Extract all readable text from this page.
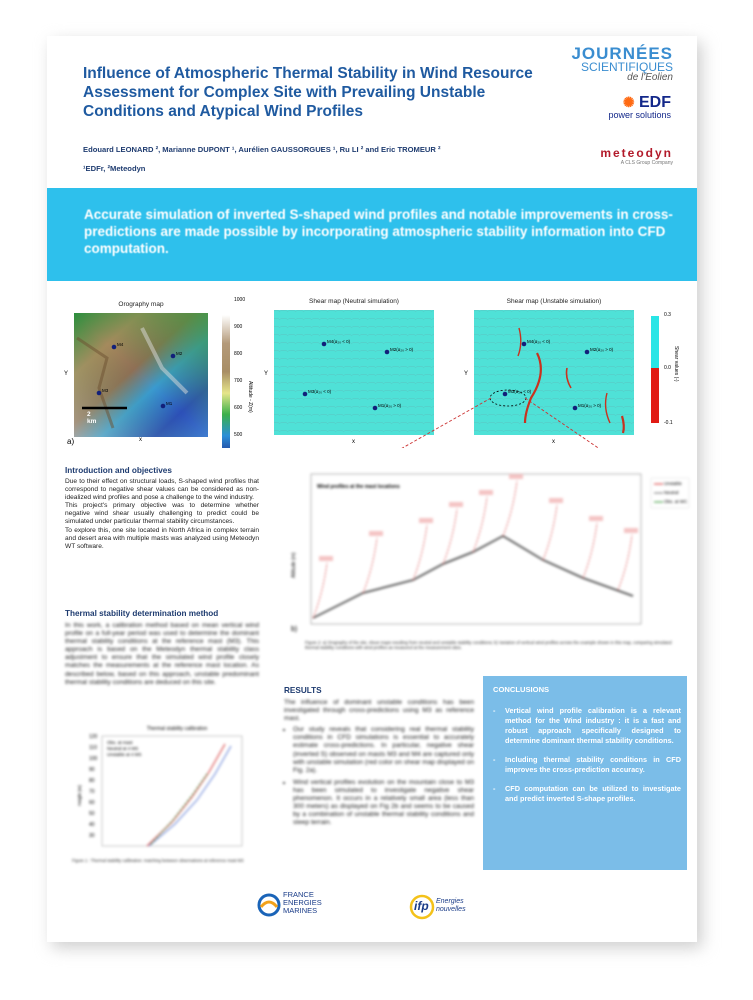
Influence of Atmospheric Thermal Stability in Wind Resource Assessment for Complex Site with Prevailing Unstable Conditions and Atypical Wind Profiles
Edouard LEONARD ², Marianne DUPONT ¹, Aurélien GAUSSORGUES ¹, Ru LI ² and Eric TROMEUR ²
¹EDFr, ²Meteodyn
JOURNÉES
SCIENTIFIQUES
de l'Eolien
✺ EDF
power solutions
meteodyn
A CLS Group Company
Accurate simulation of inverted S-shaped wind profiles and notable improvements in cross-predictions are made possible by incorporating atmospheric stability information into CFD computation.
Orography map
M4
M2
M3
M1
M4(α₂₀ < 0)
M2(α₂₀ > 0)
M3(α₂₀ < 0)
M1(α₂₀ > 0)
M4(α₂₀ < 0)
M2(α₂₀ > 0)
M3(α₂₀ < 0)
M1(α₂₀ > 0)
2 km
Y
x
a)
1000
900
800
700
600
500
Altitude - Z(m)
Shear map (Neutral simulation)
Y
x
Shear map (Unstable simulation)
Y
x
0.3
0.0
-0.1
Shear values (-)
Unstable
Neutral
Obs. at WC
Wind profiles at the mast locations
Altitude (m)
b)
Figure 2: a) Orography of the site, shear maps resulting from neutral and unstable stability conditions; b) Variation of vertical wind profiles across the example shown in this map, comparing simulated thermal stability conditions with wind profiles as measured at the measurement sites.
Introduction and objectives
Due to their effect on structural loads, S-shaped wind profiles that correspond to negative shear values can be considered as non-idealized wind profiles and pose a challenge to the wind industry.
This project's primary objective was to determine whether negative wind shear usually challenging to predict could be simulated under particular thermal stability circumstances.
To explore this, one site located in North Africa in complex terrain and desert area with multiple masts was analyzed using Meteodyn WT software.
Thermal stability determination method
In this work, a calibration method based on mean vertical wind profile on a full-year period was used to determine the dominant thermal stability conditions at the reference mast (M3). This approach is based on the Meteodyn thermal stability class adjustment to ensure that the simulated wind profile closely matches the measurements at the reference mast location. As described below, based on this approach, unstable predominant thermal stability conditions are deduced on this site.
Thermal stability calibration
120
110
100
90
80
70
60
50
40
30
Height (m)
Obs. at mast
Neutral at 4 MS
Unstable at 4 MS
Figure 1 : Thermal stability calibration: matching between observations at reference mast M3
RESULTS
The influence of dominant unstable conditions has been investigated through cross-predictions using M3 as reference mast.
• Our study reveals that considering real thermal stability conditions in CFD simulations is essential to accurately estimate cross-predictions. In particular, negative shear (inverted S) observed on masts M3 and M4 are captured only with unstable simulation (red color on shear map displayed on Fig. 2a).
• Wind vertical profiles evolution on the mountain close to M3 has been simulated to investigate negative shear phenomenon. It occurs in a relatively small area (less than 300 meters) as displayed on Fig 2b and seems to be caused by a combination of unstable thermal stability conditions and steep terrain.
CONCLUSIONS
- Vertical wind profile calibration is a relevant method for the Wind industry : it is a fast and robust approach specifically designed to determine dominant thermal stability conditions.
- Including thermal stability conditions in CFD improves the cross-prediction accuracy.
- CFD computation can be utilized to investigate and predict inverted S-shape profiles.
FRANCE
ENERGIES
MARINES	ifp Energies
nouvelles
